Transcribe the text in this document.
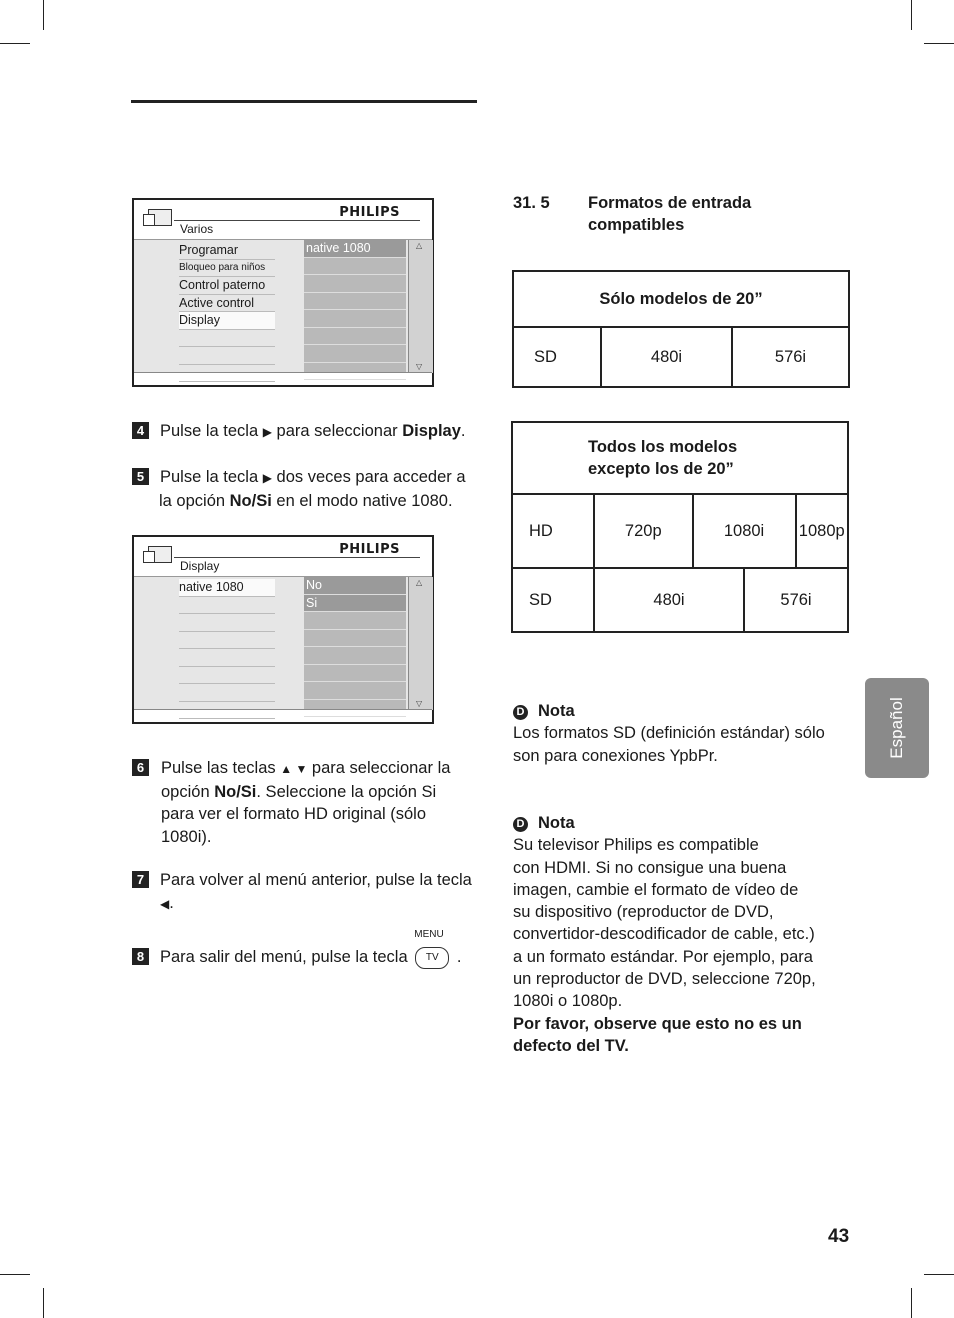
PHILIPS
Varios
Programar
Bloqueo para niños
Control paterno
Active control
Display
native 1080	△
▽
4 Pulse la tecla ▶ para seleccionar Display.
5 Pulse la tecla ▶ dos veces para acceder a
la opción No/Si en el modo native 1080.
PHILIPS
Display
native 1080	No
Si
△
▽
6 Pulse las teclas ▲ ▼ para seleccionar la
opción No/Si. Seleccione la opción Si
para ver el formato HD original (sólo
1080i).
7 Para volver al menú anterior, pulse la tecla
◀.
8 Para salir del menú, pulse la tecla
MENU
TV .
31. 5 Formatos de entrada
compatibles
Sólo modelos de 20”
SD	480i	576i
Todos los modelos
excepto los de 20”				
HD	720p	1080i		1080p
SD	480i		576i	
D Nota
Los formatos SD (definición estándar) sólo son para conexiones YpbPr.
D Nota
Su televisor Philips es compatible
con HDMI. Si no consigue una buena
imagen, cambie el formato de vídeo de
su dispositivo (reproductor de DVD,
convertidor-descodificador de cable, etc.)
a un formato estándar. Por ejemplo, para
un reproductor de DVD, seleccione 720p,
1080i o 1080p.
Por favor, observe que esto no es un defecto del TV.
Español
43
